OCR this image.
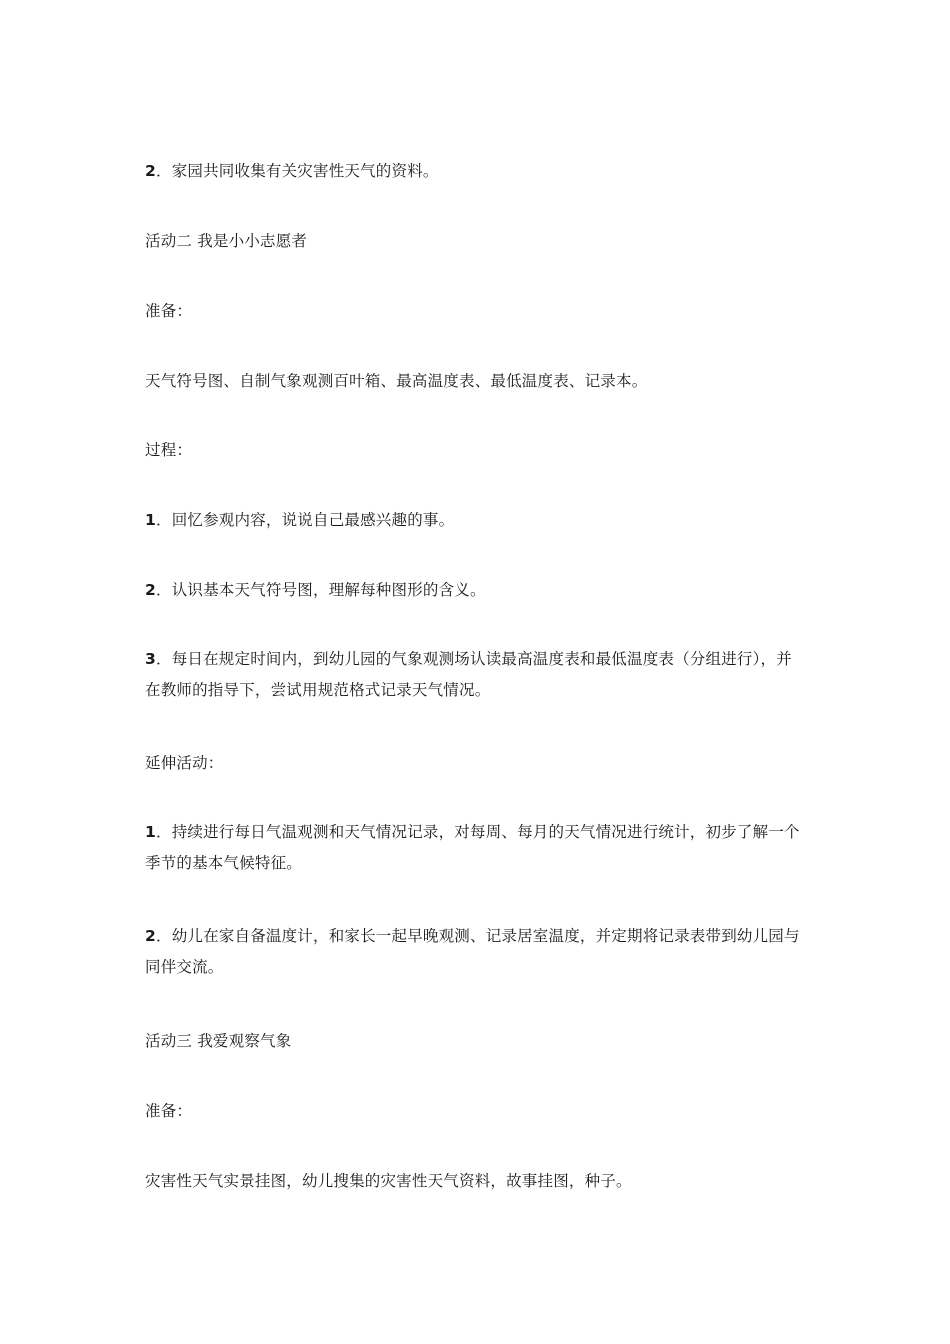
2．家园共同收集有关灾害性天气的资料。

活动二 我是小小志愿者

准备：

天气符号图、自制气象观测百叶箱、最高温度表、最低温度表、记录本。

过程：

1．回忆参观内容，说说自己最感兴趣的事。

2．认识基本天气符号图，理解每种图形的含义。

3．每日在规定时间内，到幼儿园的气象观测场认读最高温度表和最低温度表（分组进行），并在教师的指导下，尝试用规范格式记录天气情况。

延伸活动：

1．持续进行每日气温观测和天气情况记录，对每周、每月的天气情况进行统计，初步了解一个季节的基本气候特征。

2．幼儿在家自备温度计，和家长一起早晚观测、记录居室温度，并定期将记录表带到幼儿园与同伴交流。

活动三 我爱观察气象

准备：

灾害性天气实景挂图，幼儿搜集的灾害性天气资料，故事挂图，种子。
